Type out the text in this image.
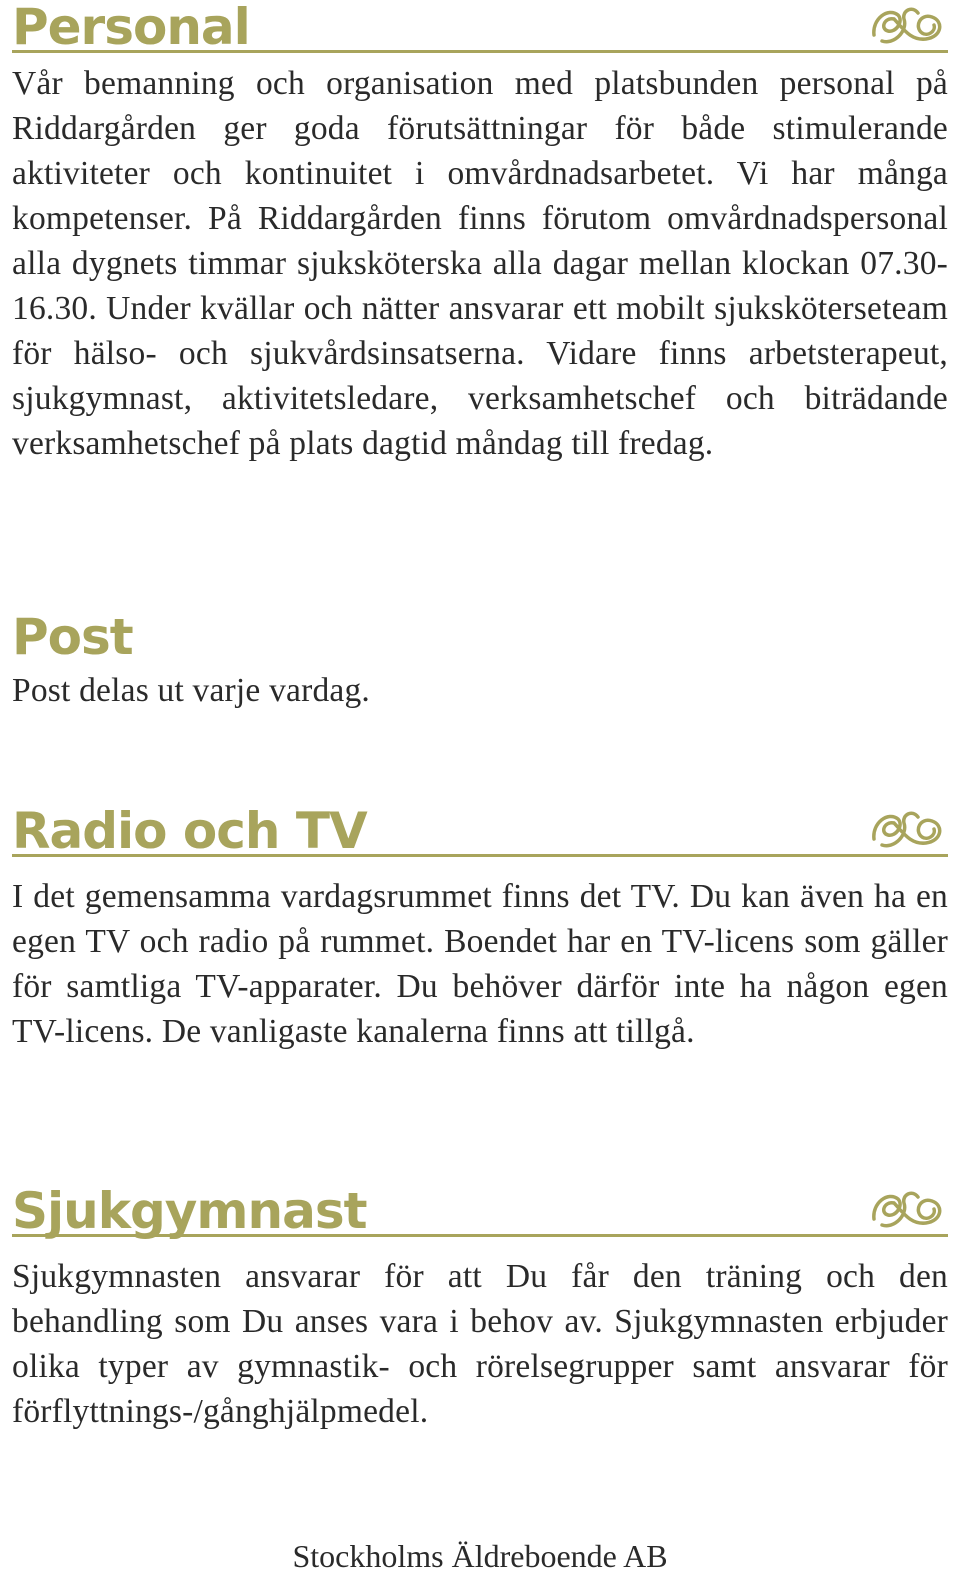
Personal

Vår bemanning och organisation med platsbunden personal på Riddargården ger goda förutsättningar för både stimulerande aktiviteter och kontinuitet i omvårdnadsarbetet. Vi har många kompetenser. På Riddargården finns förutom omvårdnadspersonal alla dygnets timmar sjuksköterska alla dagar mellan klockan 07.30-16.30. Under kvällar och nätter ansvarar ett mobilt sjuksköterseteam för hälso- och sjukvårdsinsatserna. Vidare finns arbetsterapeut, sjukgymnast, aktivitetsledare, verksamhetschef och biträdande verksamhetschef på plats dagtid måndag till fredag.

Post

Post delas ut varje vardag.

Radio och TV

I det gemensamma vardagsrummet finns det TV. Du kan även ha en egen TV och radio på rummet. Boendet har en TV-licens som gäller för samtliga TV-apparater. Du behöver därför inte ha någon egen TV-licens. De vanligaste kanalerna finns att tillgå.

Sjukgymnast

Sjukgymnasten ansvarar för att Du får den träning och den behandling som Du anses vara i behov av. Sjukgymnasten erbjuder olika typer av gymnastik- och rörelsegrupper samt ansvarar för förflyttnings-/gånghjälpmedel.

Stockholms Äldreboende AB
